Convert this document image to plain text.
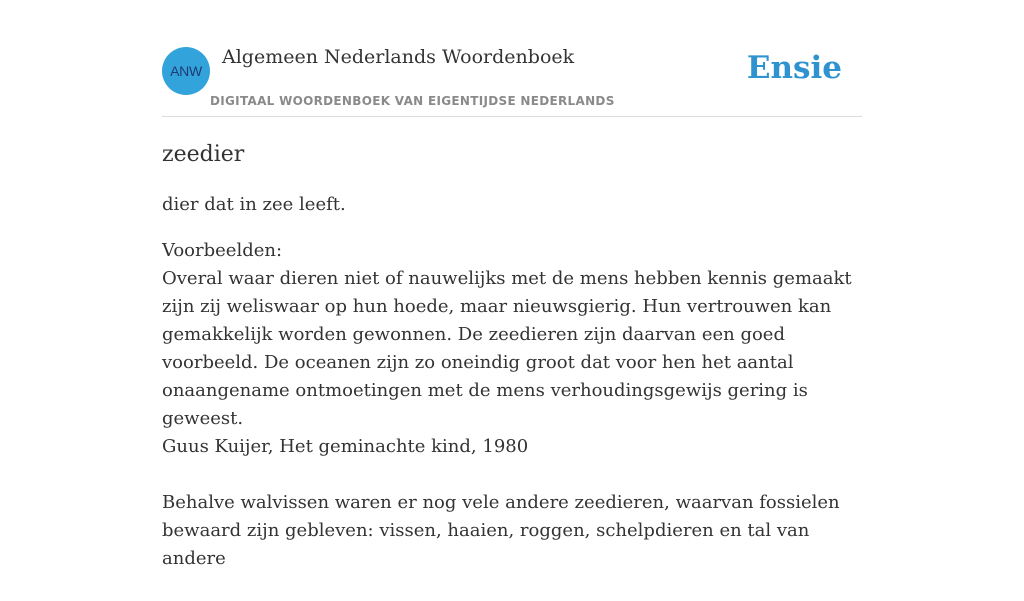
ANW
Algemeen Nederlands Woordenboek
DIGITAAL WOORDENBOEK VAN EIGENTIJDSE NEDERLANDS
Ensie
zeedier

dier dat in zee leeft.

Voorbeelden:

Overal waar dieren niet of nauwelijks met de mens hebben kennis gemaakt zijn zij weliswaar op hun hoede, maar nieuwsgierig. Hun vertrouwen kan gemakkelijk worden gewonnen. De zeedieren zijn daarvan een goed voorbeeld. De oceanen zijn zo oneindig groot dat voor hen het aantal onaangename ontmoetingen met de mens verhoudingsgewijs gering is geweest.

Guus Kuijer, Het geminachte kind, 1980

Behalve walvissen waren er nog vele andere zeedieren, waarvan fossielen bewaard zijn gebleven: vissen, haaien, roggen, schelpdieren en tal van andere
